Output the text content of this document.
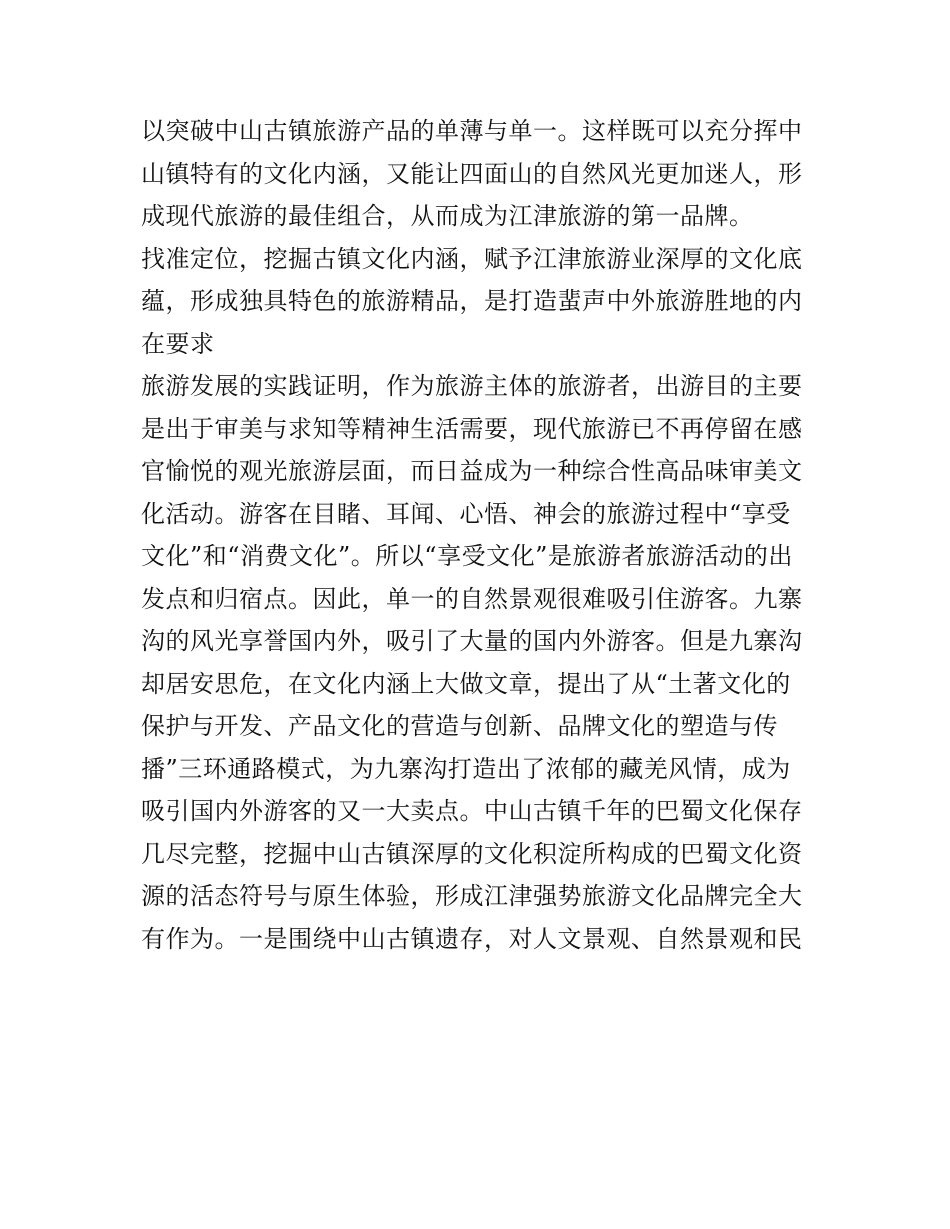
以突破中山古镇旅游产品的单薄与单一。这样既可以充分挥中
山镇特有的文化内涵，又能让四面山的自然风光更加迷人，形
成现代旅游的最佳组合，从而成为江津旅游的第一品牌。

找准定位，挖掘古镇文化内涵，赋予江津旅游业深厚的文化底
蕴，形成独具特色的旅游精品，是打造蜚声中外旅游胜地的内
在要求

旅游发展的实践证明，作为旅游主体的旅游者，出游目的主要
是出于审美与求知等精神生活需要，现代旅游已不再停留在感
官愉悦的观光旅游层面，而日益成为一种综合性高品味审美文
化活动。游客在目睹、耳闻、心悟、神会的旅游过程中“享受
文化”和“消费文化”。所以“享受文化”是旅游者旅游活动的出
发点和归宿点。因此，单一的自然景观很难吸引住游客。九寨
沟的风光享誉国内外，吸引了大量的国内外游客。但是九寨沟
却居安思危，在文化内涵上大做文章，提出了从“土著文化的
保护与开发、产品文化的营造与创新、品牌文化的塑造与传
播”三环通路模式，为九寨沟打造出了浓郁的藏羌风情，成为
吸引国内外游客的又一大卖点。中山古镇千年的巴蜀文化保存
几尽完整，挖掘中山古镇深厚的文化积淀所构成的巴蜀文化资
源的活态符号与原生体验，形成江津强势旅游文化品牌完全大
有作为。一是围绕中山古镇遗存，对人文景观、自然景观和民
